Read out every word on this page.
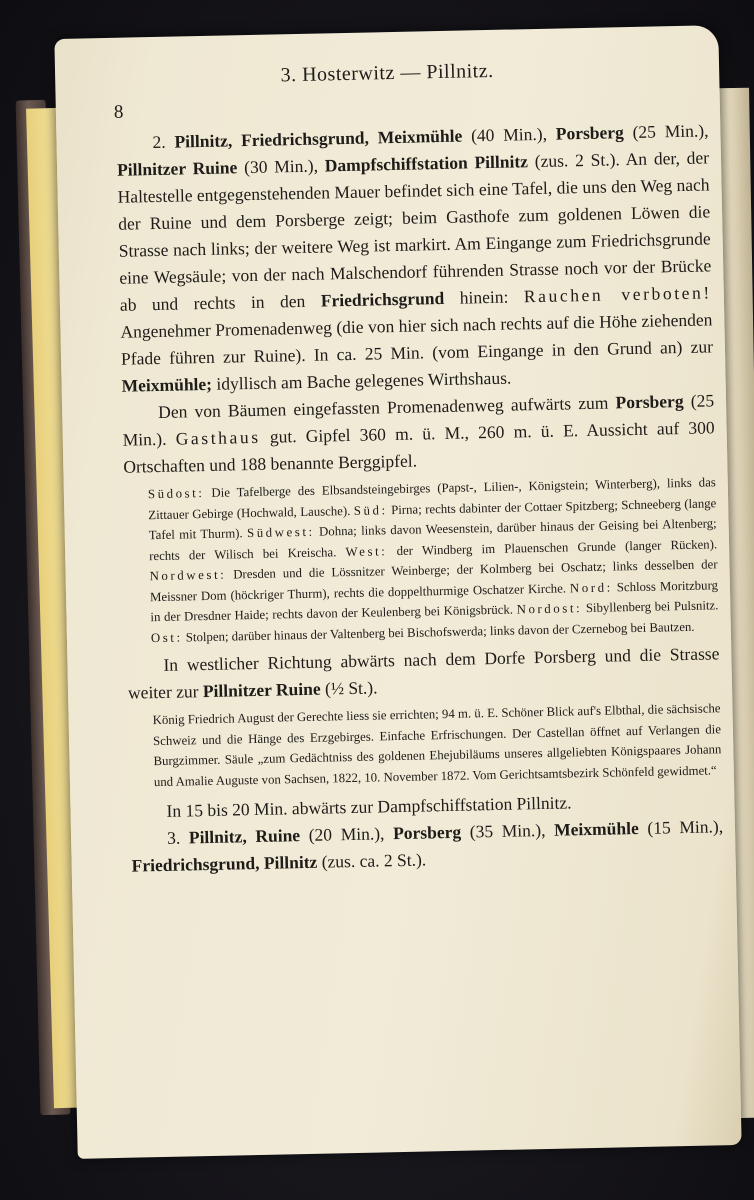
3. Hosterwitz — Pillnitz.
8

2. Pillnitz, Friedrichsgrund, Meixmühle (40 Min.), Porsberg (25 Min.), Pillnitzer Ruine (30 Min.), Dampfschiffstation Pillnitz (zus. 2 St.). An der, der Haltestelle entgegenstehenden Mauer befindet sich eine Tafel, die uns den Weg nach der Ruine und dem Porsberge zeigt; beim Gasthofe zum goldenen Löwen die Strasse nach links; der weitere Weg ist markirt. Am Eingange zum Friedrichsgrunde eine Wegsäule; von der nach Malschendorf führenden Strasse noch vor der Brücke ab und rechts in den Friedrichsgrund hinein: Rauchen verboten! Angenehmer Promenadenweg (die von hier sich nach rechts auf die Höhe ziehenden Pfade führen zur Ruine). In ca. 25 Min. (vom Eingange in den Grund an) zur Meixmühle; idyllisch am Bache gelegenes Wirthshaus.

Den von Bäumen eingefassten Promenadenweg aufwärts zum Porsberg (25 Min.). Gasthaus gut. Gipfel 360 m. ü. M., 260 m. ü. E. Aussicht auf 300 Ortschaften und 188 benannte Berggipfel.

Südost: Die Tafelberge des Elbsandsteingebirges (Papst-, Lilien-, Königstein; Winterberg), links das Zittauer Gebirge (Hochwald, Lausche). Süd: Pirna; rechts dabinter der Cottaer Spitzberg; Schneeberg (lange Tafel mit Thurm). Südwest: Dohna; links davon Weesenstein, darüber hinaus der Geising bei Altenberg; rechts der Wilisch bei Kreischa. West: der Windberg im Plauenschen Grunde (langer Rücken). Nordwest: Dresden und die Lössnitzer Weinberge; der Kolmberg bei Oschatz; links desselben der Meissner Dom (höckriger Thurm), rechts die doppelthurmige Oschatzer Kirche. Nord: Schloss Moritzburg in der Dresdner Haide; rechts davon der Keulenberg bei Königsbrück. Nordost: Sibyllenberg bei Pulsnitz. Ost: Stolpen; darüber hinaus der Valtenberg bei Bischofswerda; links davon der Czernebog bei Bautzen.

In westlicher Richtung abwärts nach dem Dorfe Porsberg und die Strasse weiter zur Pillnitzer Ruine (½ St.).

König Friedrich August der Gerechte liess sie errichten; 94 m. ü. E. Schöner Blick auf's Elbthal, die sächsische Schweiz und die Hänge des Erzgebirges. Einfache Erfrischungen. Der Castellan öffnet auf Verlangen die Burgzimmer. Säule „zum Gedächtniss des goldenen Ehejubiläums unseres allgeliebten Königspaares Johann und Amalie Auguste von Sachsen, 1822, 10. November 1872. Vom Gerichtsamtsbezirk Schönfeld gewidmet.“

In 15 bis 20 Min. abwärts zur Dampfschiffstation Pillnitz.

3. Pillnitz, Ruine (20 Min.), Porsberg (35 Min.), Meixmühle (15 Min.), Friedrichsgrund, Pillnitz (zus. ca. 2 St.).
